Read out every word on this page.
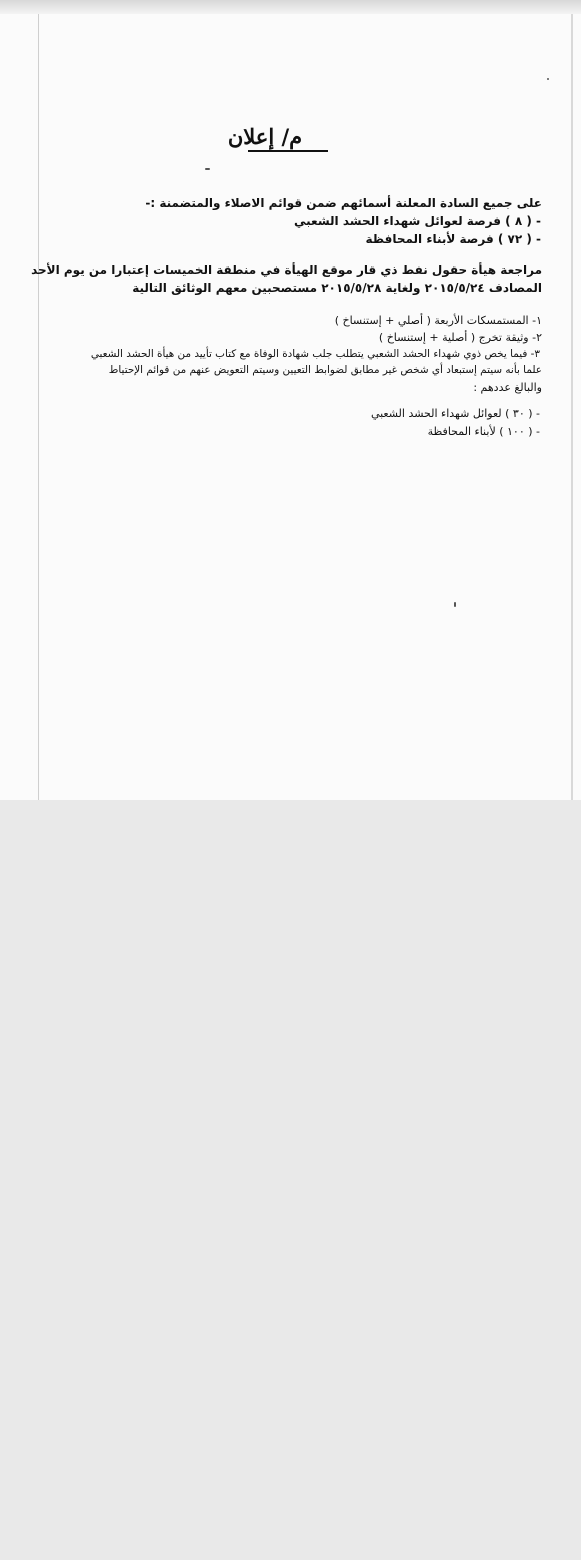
م/ إعلان
على جميع السادة المعلنة أسمائهم ضمن قوائم الاصلاء والمتضمنة :-
- ( ٨ ) فرصة لعوائل شهداء الحشد الشعبي
- ( ٧٢ ) فرصة لأبناء المحافظة
مراجعة هيأة حقول نفط ذي قار موقع الهيأة في منطقة الخميسات إعتبارا من يوم الأحد
المصادف ٢٠١٥/٥/٢٤ ولغاية ٢٠١٥/٥/٢٨ مستصحبين معهم الوثائق التالية
١- المستمسكات الأربعة ( أصلي + إستنساخ )
٢- وثيقة تخرج ( أصلية + إستنساخ )
٣- فيما يخص ذوي شهداء الحشد الشعبي يتطلب جلب شهادة الوفاة مع كتاب تأييد من هيأة الحشد الشعبي
علما بأنه سيتم إستبعاد أي شخص غير مطابق لضوابط التعيين وسيتم التعويض عنهم من قوائم الإحتياط
والبالغ عددهم :
- ( ٣٠ ) لعوائل شهداء الحشد الشعبي
- ( ١٠٠ ) لأبناء المحافظة
